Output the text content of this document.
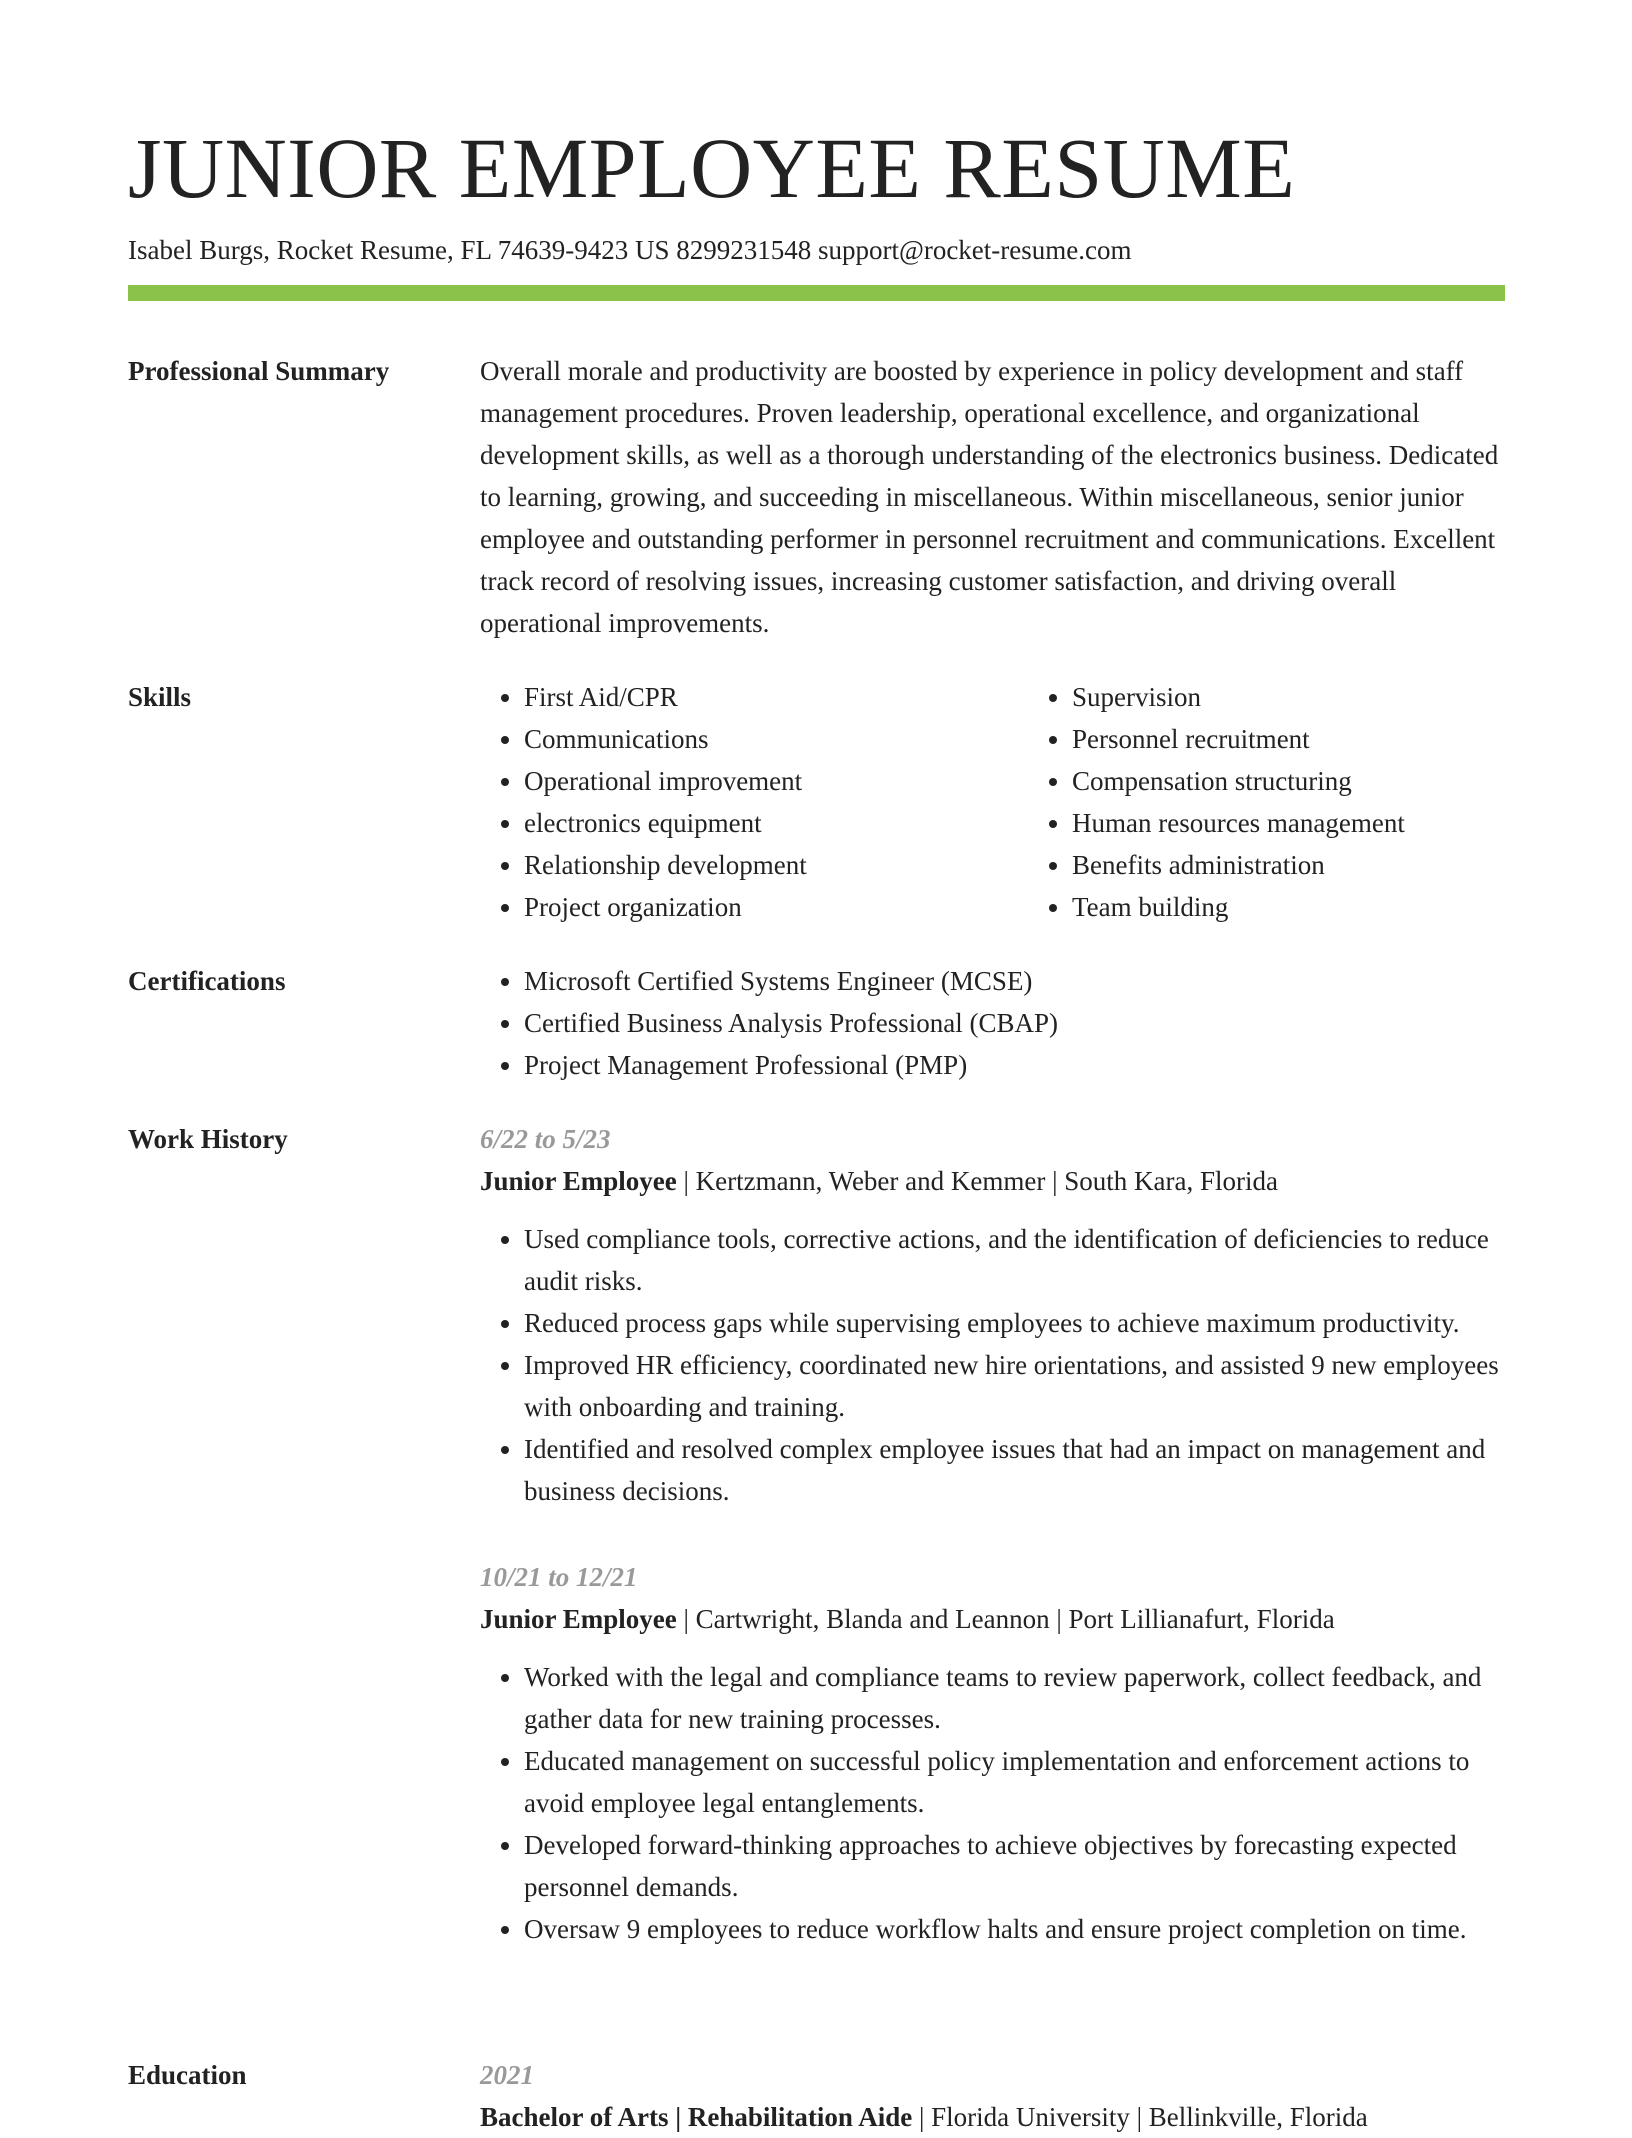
JUNIOR EMPLOYEE RESUME
Isabel Burgs, Rocket Resume, FL 74639-9423 US 8299231548 support@rocket-resume.com
Professional Summary	Overall morale and productivity are boosted by experience in policy development and staff management procedures. Proven leadership, operational excellence, and organizational development skills, as well as a thorough understanding of the electronics business. Dedicated to learning, growing, and succeeding in miscellaneous. Within miscellaneous, senior junior employee and outstanding performer in personnel recruitment and communications. Excellent track record of resolving issues, increasing customer satisfaction, and driving overall operational improvements.

Skills	• First Aid/CPR
• Communications
• Operational improvement
• electronics equipment
• Relationship development
• Project organization
• Supervision
• Personnel recruitment
• Compensation structuring
• Human resources management
• Benefits administration
• Team building
Certifications	• Microsoft Certified Systems Engineer (MCSE)
• Certified Business Analysis Professional (CBAP)
• Project Management Professional (PMP)
Work History	6/22 to 5/23
Junior Employee | Kertzmann, Weber and Kemmer | South Kara, Florida
• Used compliance tools, corrective actions, and the identification of deficiencies to reduce audit risks.
• Reduced process gaps while supervising employees to achieve maximum productivity.
• Improved HR efficiency, coordinated new hire orientations, and assisted 9 new employees with onboarding and training.
• Identified and resolved complex employee issues that had an impact on management and business decisions.
10/21 to 12/21
Junior Employee | Cartwright, Blanda and Leannon | Port Lillianafurt, Florida
• Worked with the legal and compliance teams to review paperwork, collect feedback, and gather data for new training processes.
• Educated management on successful policy implementation and enforcement actions to avoid employee legal entanglements.
• Developed forward-thinking approaches to achieve objectives by forecasting expected personnel demands.
• Oversaw 9 employees to reduce workflow halts and ensure project completion on time.
Education	2021
Bachelor of Arts | Rehabilitation Aide | Florida University | Bellinkville, Florida
